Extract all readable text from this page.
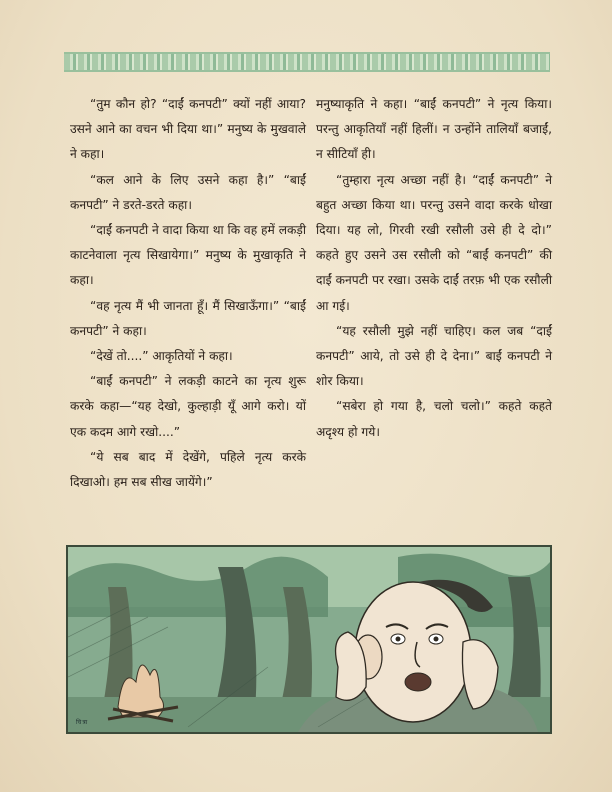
“तुम कौन हो? “दाईं कनपटी” क्यों नहीं आया? उसने आने का वचन भी दिया था।” मनुष्य के मुखवाले ने कहा।

“कल आने के लिए उसने कहा है।” “बाईं कनपटी” ने डरते-डरते कहा।

“दाईं कनपटी ने वादा किया था कि वह हमें लकड़ी काटनेवाला नृत्य सिखायेगा।” मनुष्य के मुखाकृति ने कहा।

“वह नृत्य मैं भी जानता हूँ। मैं सिखाऊँगा।” “बाईं कनपटी” ने कहा।

“देखें तो....” आकृतियों ने कहा।

“बाईं कनपटी” ने लकड़ी काटने का नृत्य शुरू करके कहा—“यह देखो, कुल्हाड़ी यूँ आगे करो। यों एक कदम आगे रखो....”

“ये सब बाद में देखेंगे, पहिले नृत्य करके दिखाओ। हम सब सीख जायेंगे।”

मनुष्याकृति ने कहा। “बाईं कनपटी” ने नृत्य किया। परन्तु आकृतियाँ नहीं हिलीं। न उन्होंने तालियाँ बजाईं, न सीटियाँ ही।

“तुम्हारा नृत्य अच्छा नहीं है। “दाईं कनपटी” ने बहुत अच्छा किया था। परन्तु उसने वादा करके धोखा दिया। यह लो, गिरवी रखी रसौली उसे ही दे दो।” कहते हुए उसने उस रसौली को “बाईं कनपटी” की दाईं कनपटी पर रखा। उसके दाईं तरफ़ भी एक रसौली आ गई।

“यह रसौली मुझे नहीं चाहिए। कल जब “दाईं कनपटी” आये, तो उसे ही दे देना।” बाईं कनपटी ने शोर किया।

“सबेरा हो गया है, चलो चलो।” कहते कहते अदृश्य हो गये।

चित्रा
